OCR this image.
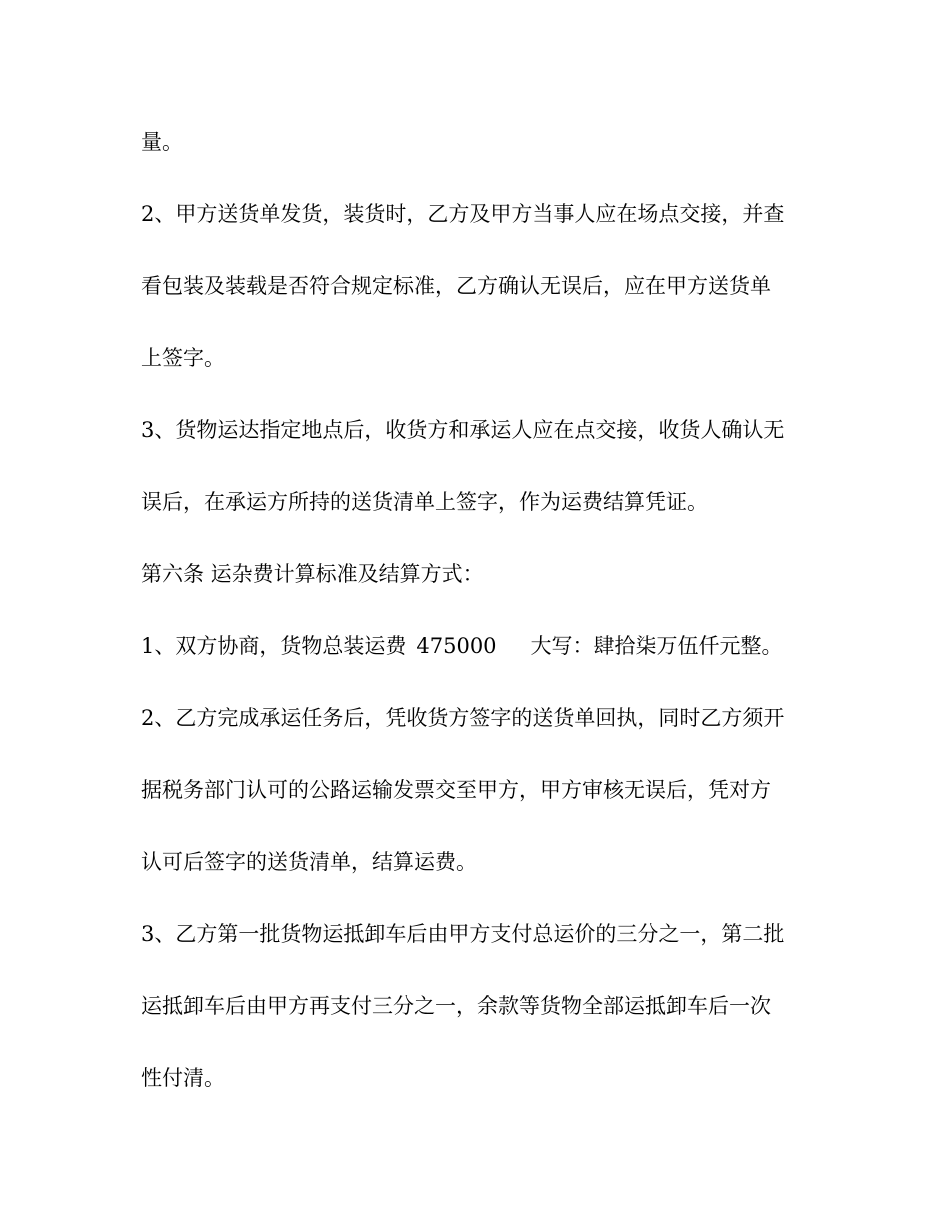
量。

2、甲方送货单发货，装货时，乙方及甲方当事人应在场点交接，并查

看包装及装载是否符合规定标准，乙方确认无误后，应在甲方送货单

上签字。

3、货物运达指定地点后，收货方和承运人应在点交接，收货人确认无

误后，在承运方所持的送货清单上签字，作为运费结算凭证。

第六条 运杂费计算标准及结算方式：

1、双方协商，货物总装运费 475000 大写：肆拾柒万伍仟元整。

2、乙方完成承运任务后，凭收货方签字的送货单回执，同时乙方须开

据税务部门认可的公路运输发票交至甲方，甲方审核无误后，凭对方

认可后签字的送货清单，结算运费。

3、乙方第一批货物运抵卸车后由甲方支付总运价的三分之一，第二批

运抵卸车后由甲方再支付三分之一，余款等货物全部运抵卸车后一次

性付清。
